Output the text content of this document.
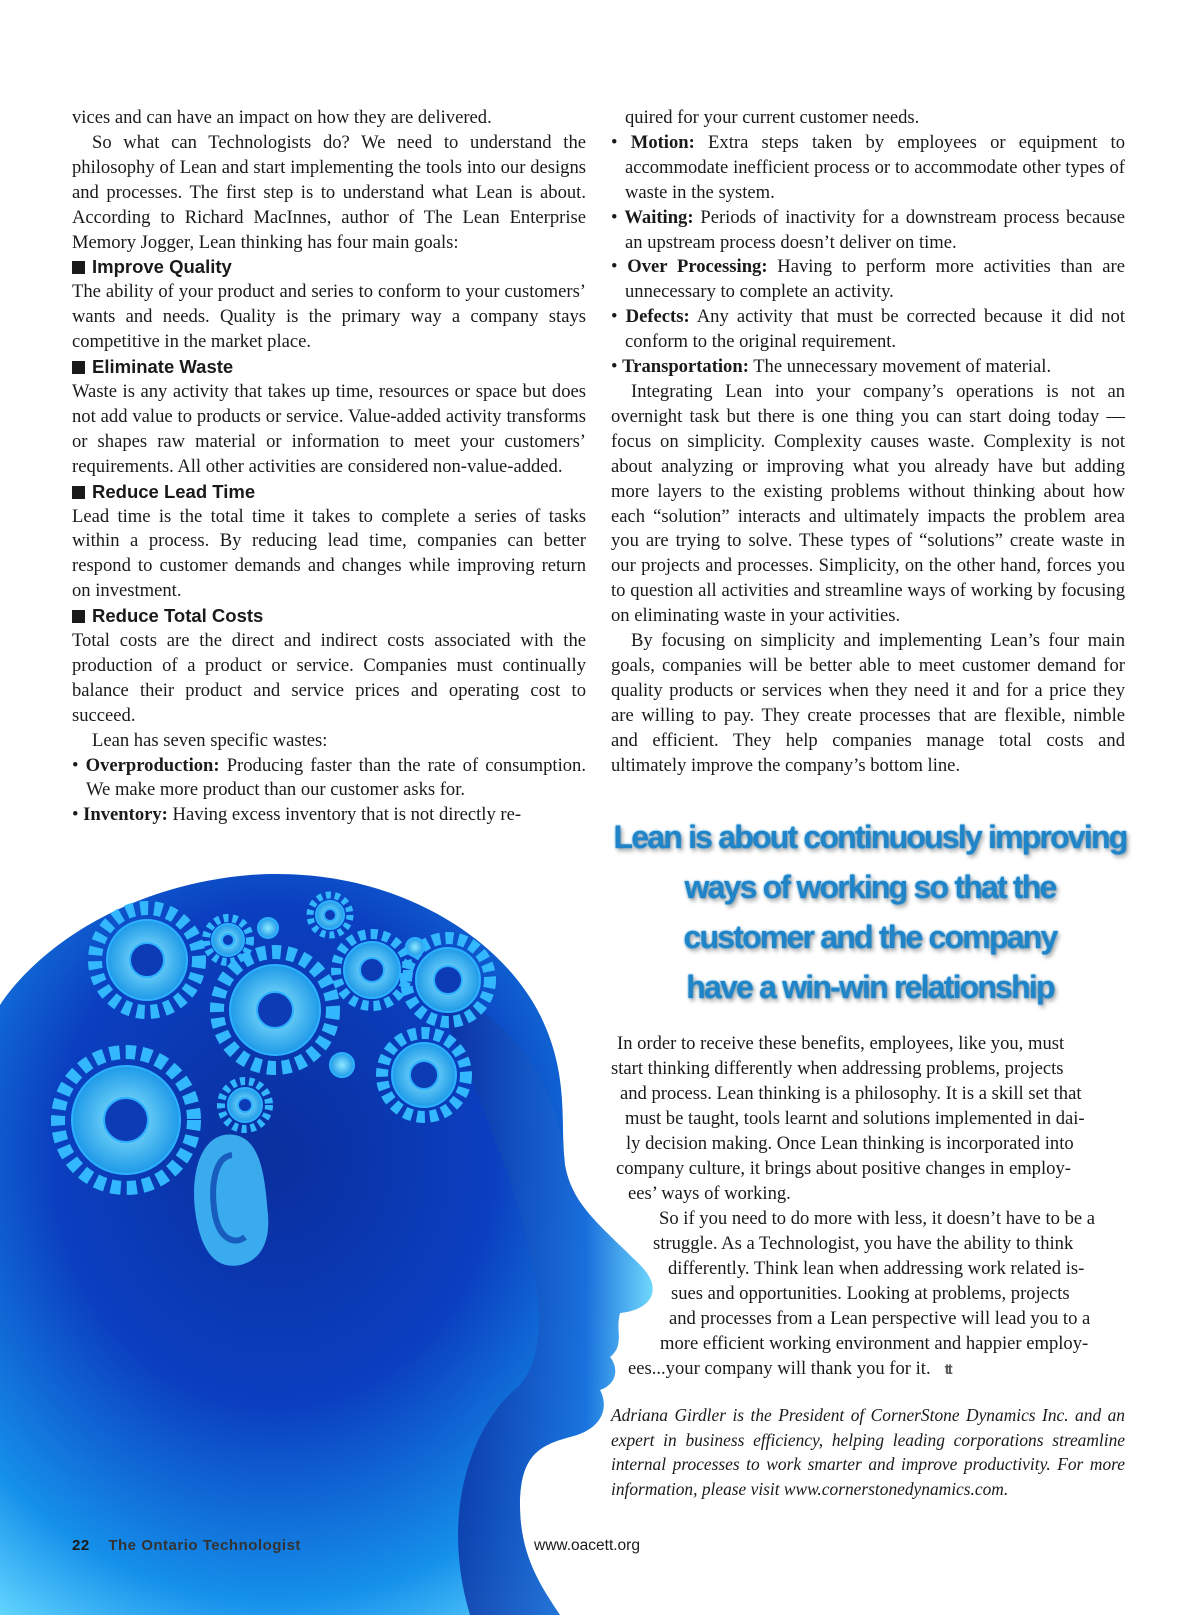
vices and can have an impact on how they are delivered.

So what can Technologists do? We need to understand the philosophy of Lean and start implementing the tools into our designs and processes. The first step is to understand what Lean is about. According to Richard MacInnes, author of The Lean Enterprise Memory Jogger, Lean thinking has four main goals:

Improve Quality

The ability of your product and series to conform to your customers’ wants and needs. Quality is the primary way a company stays competitive in the market place.

Eliminate Waste

Waste is any activity that takes up time, resources or space but does not add value to products or service. Value-added activity transforms or shapes raw material or information to meet your customers’ requirements. All other activities are considered non-value-added.

Reduce Lead Time

Lead time is the total time it takes to complete a series of tasks within a process. By reducing lead time, companies can better respond to customer demands and changes while improving return on investment.

Reduce Total Costs

Total costs are the direct and indirect costs associated with the production of a product or service. Companies must continually balance their product and service prices and operating cost to succeed.

Lean has seven specific wastes:

• Overproduction: Producing faster than the rate of consumption. We make more product than our customer asks for.

• Inventory: Having excess inventory that is not directly re-

quired for your current customer needs.

• Motion: Extra steps taken by employees or equipment to accommodate inefficient process or to accommodate other types of waste in the system.

• Waiting: Periods of inactivity for a downstream process because an upstream process doesn’t deliver on time.

• Over Processing: Having to perform more activities than are unnecessary to complete an activity.

• Defects: Any activity that must be corrected because it did not conform to the original requirement.

• Transportation: The unnecessary movement of material.

Integrating Lean into your company’s operations is not an overnight task but there is one thing you can start doing today — focus on simplicity. Complexity causes waste. Complexity is not about analyzing or improving what you already have but adding more layers to the existing problems without thinking about how each “solution” interacts and ultimately impacts the problem area you are trying to solve. These types of “solutions” create waste in our projects and processes. Simplicity, on the other hand, forces you to question all activities and streamline ways of working by focusing on eliminating waste in your activities.

By focusing on simplicity and implementing Lean’s four main goals, companies will be better able to meet customer demand for quality products or services when they need it and for a price they are willing to pay. They create processes that are flexible, nimble and efficient. They help companies manage total costs and ultimately improve the company’s bottom line.

Lean is about continuously improving
ways of working so that the
customer and the company
have a win-win relationship
In order to receive these benefits, employees, like you, must
start thinking differently when addressing problems, projects
and process. Lean thinking is a philosophy. It is a skill set that
must be taught, tools learnt and solutions implemented in dai-
ly decision making. Once Lean thinking is incorporated into
company culture, it brings about positive changes in employ-
ees’ ways of working.
So if you need to do more with less, it doesn’t have to be a
struggle. As a Technologist, you have the ability to think
differently. Think lean when addressing work related is-
sues and opportunities. Looking at problems, projects
and processes from a Lean perspective will lead you to a
more efficient working environment and happier employ-
ees...your company will thank you for it. tt
Adriana Girdler is the President of CornerStone Dynamics Inc. and an expert in business efficiency, helping leading corporations streamline internal processes to work smarter and improve productivity. For more information, please visit www.cornerstonedynamics.com.
22 The Ontario Technologist	www.oacett.org
